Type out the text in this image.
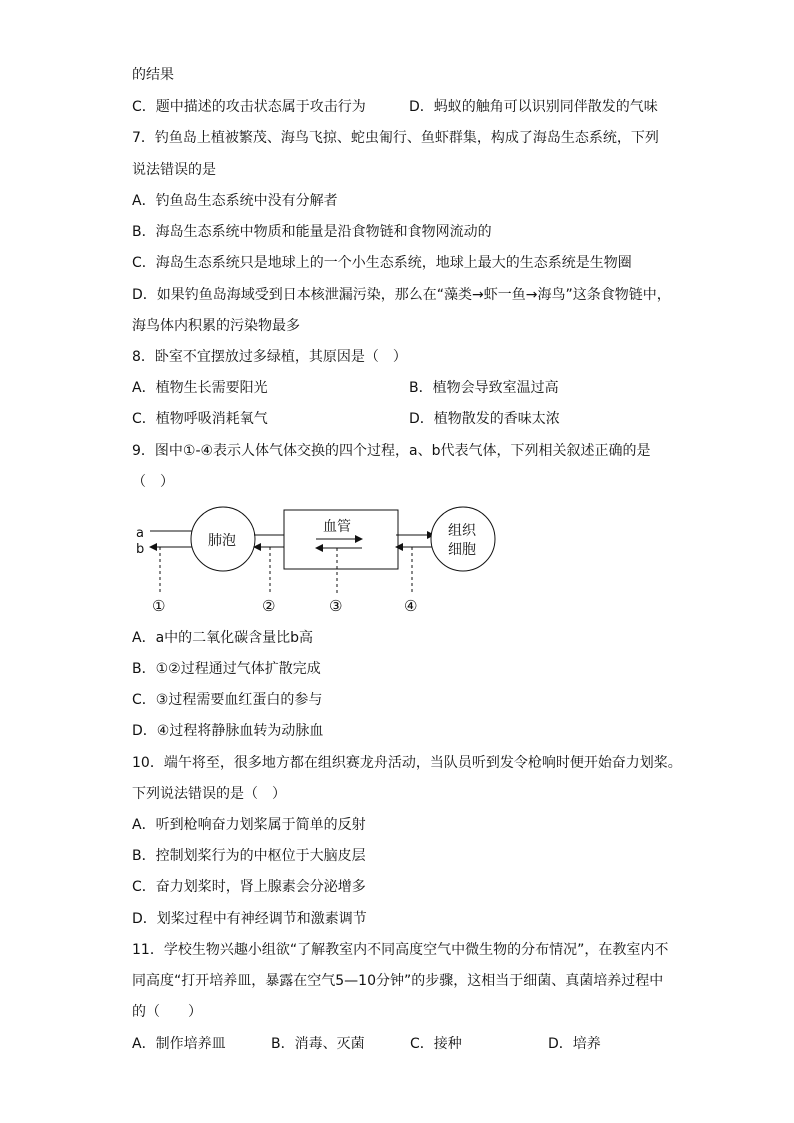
的结果
C．题中描述的攻击状态属于攻击行为	D．蚂蚁的触角可以识别同伴散发的气味
7．钓鱼岛上植被繁茂、海鸟飞掠、蛇虫匍行、鱼虾群集，构成了海岛生态系统，下列
说法错误的是
A．钓鱼岛生态系统中没有分解者
B．海岛生态系统中物质和能量是沿食物链和食物网流动的
C．海岛生态系统只是地球上的一个小生态系统，地球上最大的生态系统是生物圈
D．如果钓鱼岛海域受到日本核泄漏污染，那么在“藻类→虾一鱼→海鸟”这条食物链中，
海鸟体内积累的污染物最多
8．卧室不宜摆放过多绿植，其原因是（　）
A．植物生长需要阳光	B．植物会导致室温过高
C．植物呼吸消耗氧气	D．植物散发的香味太浓
9．图中①-④表示人体气体交换的四个过程，a、b代表气体，下列相关叙述正确的是
（　）
a
b
肺泡
血管	组织
细胞
①	②	③	④
A．a中的二氧化碳含量比b高
B．①②过程通过气体扩散完成
C．③过程需要血红蛋白的参与
D．④过程将静脉血转为动脉血
10．端午将至，很多地方都在组织赛龙舟活动，当队员听到发令枪响时便开始奋力划桨。
下列说法错误的是（　）
A．听到枪响奋力划桨属于简单的反射
B．控制划桨行为的中枢位于大脑皮层
C．奋力划桨时，肾上腺素会分泌增多
D．划桨过程中有神经调节和激素调节
11．学校生物兴趣小组欲“了解教室内不同高度空气中微生物的分布情况”，在教室内不
同高度“打开培养皿，暴露在空气5—10分钟”的步骤，这相当于细菌、真菌培养过程中
的（　　）
A．制作培养皿	B．消毒、灭菌	C．接种	D．培养
